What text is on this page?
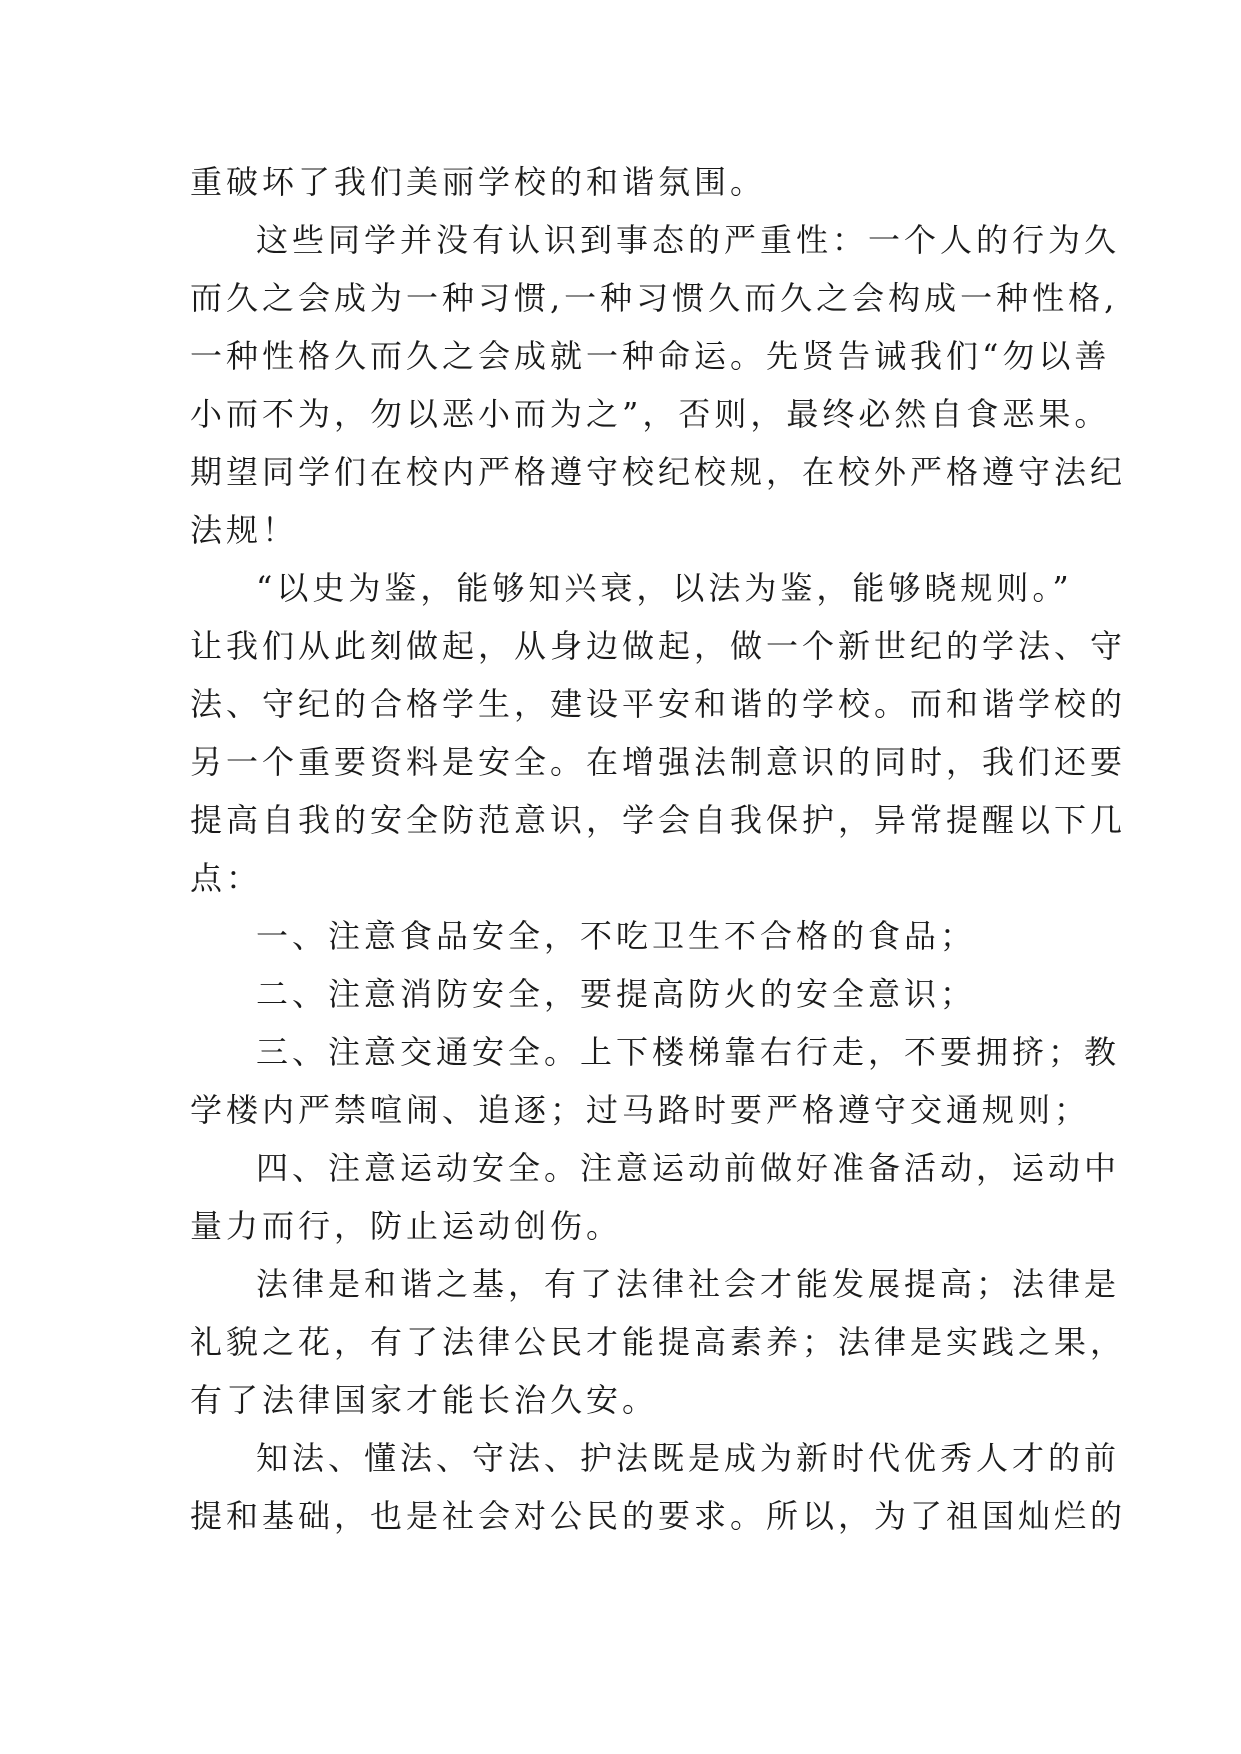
重破坏了我们美丽学校的和谐氛围。
这些同学并没有认识到事态的严重性：一个人的行为久
而久之会成为一种习惯,一种习惯久而久之会构成一种性格,
一种性格久而久之会成就一种命运。先贤告诫我们“勿以善
小而不为，勿以恶小而为之”，否则，最终必然自食恶果。
期望同学们在校内严格遵守校纪校规，在校外严格遵守法纪
法规！
“以史为鉴，能够知兴衰，以法为鉴，能够晓规则。”
让我们从此刻做起，从身边做起，做一个新世纪的学法、守
法、守纪的合格学生，建设平安和谐的学校。而和谐学校的
另一个重要资料是安全。在增强法制意识的同时，我们还要
提高自我的安全防范意识，学会自我保护，异常提醒以下几
点：
一、注意食品安全，不吃卫生不合格的食品；
二、注意消防安全，要提高防火的安全意识；
三、注意交通安全。上下楼梯靠右行走，不要拥挤；教
学楼内严禁喧闹、追逐；过马路时要严格遵守交通规则；
四、注意运动安全。注意运动前做好准备活动，运动中
量力而行，防止运动创伤。
法律是和谐之基，有了法律社会才能发展提高；法律是
礼貌之花，有了法律公民才能提高素养；法律是实践之果，
有了法律国家才能长治久安。
知法、懂法、守法、护法既是成为新时代优秀人才的前
提和基础，也是社会对公民的要求。所以，为了祖国灿烂的
